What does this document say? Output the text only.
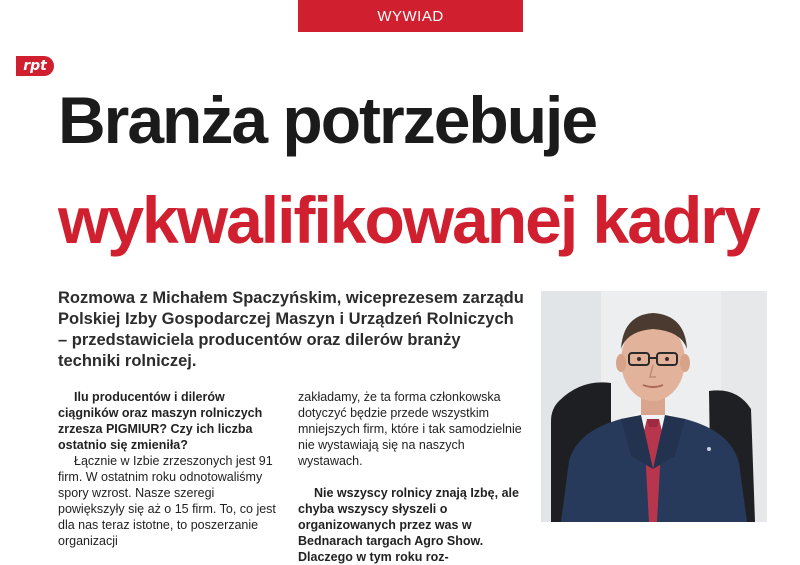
WYWIAD
rpt
Branża potrzebuje
wykwalifikowanej kadry
Rozmowa z Michałem Spaczyńskim, wiceprezesem zarządu Polskiej Izby Gospodarczej Maszyn i Urządzeń Rolniczych – przedstawiciela producentów oraz dilerów branży techniki rolniczej.
Ilu producentów i dilerów ciągników oraz maszyn rolniczych zrzesza PIGMIUR? Czy ich liczba ostatnio się zmieniła?
Łącznie w Izbie zrzeszonych jest 91 firm. W ostatnim roku odnotowaliśmy spory wzrost. Nasze szeregi powiększyły się aż o 15 firm. To, co jest dla nas teraz istotne, to poszerzanie organizacji
zakładamy, że ta forma członkowska dotyczyć będzie przede wszystkim mniejszych firm, które i tak samodzielnie nie wystawiają się na naszych wystawach.
Nie wszyscy rolnicy znają Izbę, ale chyba wszyscy słyszeli o organizowanych przez was w Bednarach targach Agro Show. Dlaczego w tym roku roz-
